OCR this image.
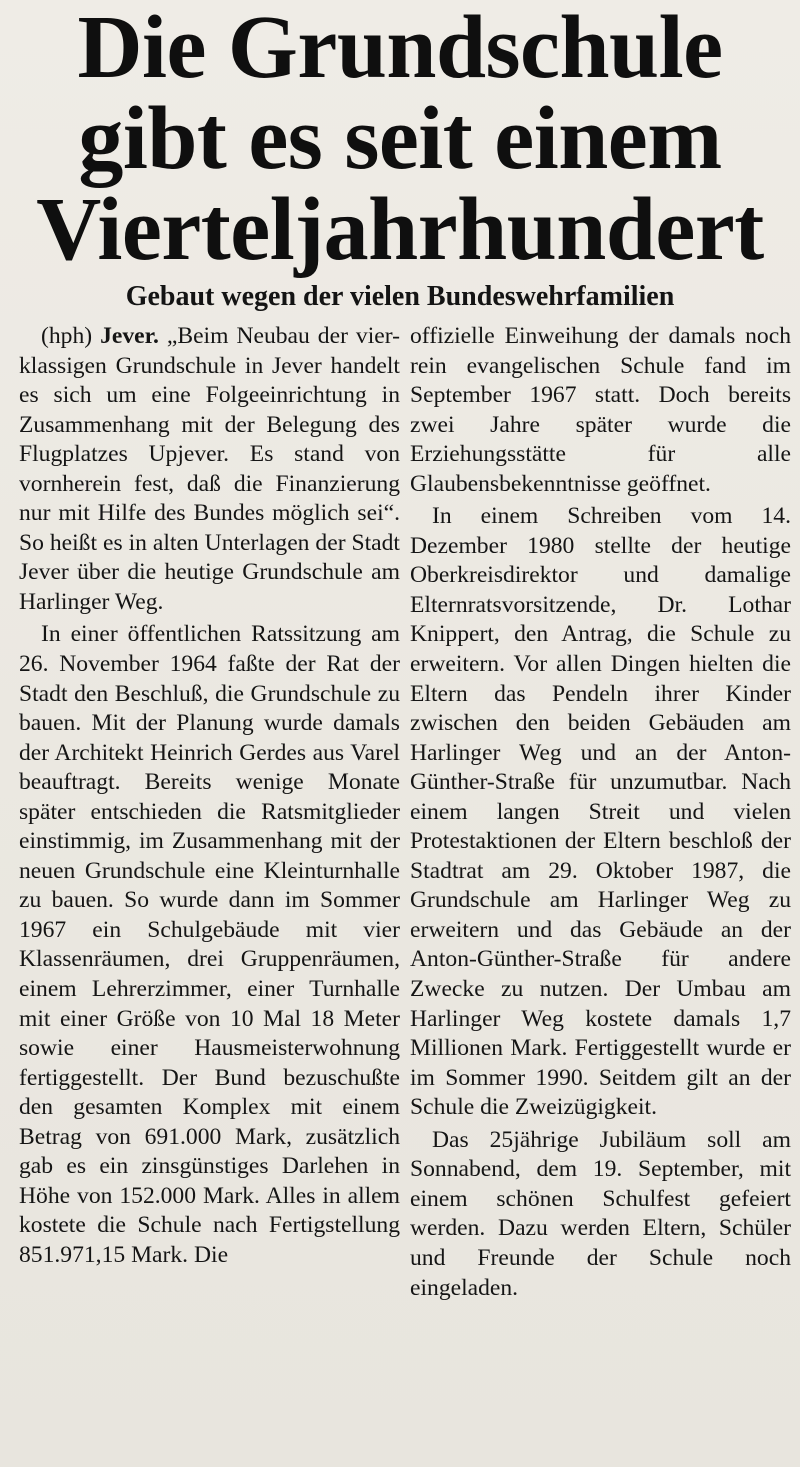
Die Grundschule
gibt es seit einem
Vierteljahrhundert
Gebaut wegen der vielen Bundeswehrfamilien

(hph) Jever. „Beim Neubau der vier-klassigen Grundschule in Jever handelt es sich um eine Folgeeinrichtung in Zusammenhang mit der Belegung des Flugplatzes Upjever. Es stand von vornherein fest, daß die Finanzierung nur mit Hilfe des Bundes möglich sei“. So heißt es in alten Unterlagen der Stadt Jever über die heutige Grundschule am Harlinger Weg.

In einer öffentlichen Ratssitzung am 26. November 1964 faßte der Rat der Stadt den Beschluß, die Grundschule zu bauen. Mit der Planung wurde damals der Architekt Heinrich Gerdes aus Varel beauftragt. Bereits wenige Monate später entschieden die Ratsmitglieder einstimmig, im Zusammenhang mit der neuen Grundschule eine Kleinturnhalle zu bauen. So wurde dann im Sommer 1967 ein Schulgebäude mit vier Klassenräumen, drei Gruppenräumen, einem Lehrerzimmer, einer Turnhalle mit einer Größe von 10 Mal 18 Meter sowie einer Hausmeisterwohnung fertiggestellt. Der Bund bezuschußte den gesamten Komplex mit einem Betrag von 691.000 Mark, zusätzlich gab es ein zinsgünstiges Darlehen in Höhe von 152.000 Mark. Alles in allem kostete die Schule nach Fertigstellung 851.971,15 Mark. Die

offizielle Einweihung der damals noch rein evangelischen Schule fand im September 1967 statt. Doch bereits zwei Jahre später wurde die Erziehungsstätte für alle Glaubensbekenntnisse geöffnet.

In einem Schreiben vom 14. Dezember 1980 stellte der heutige Oberkreisdirektor und damalige Elternratsvorsitzende, Dr. Lothar Knippert, den Antrag, die Schule zu erweitern. Vor allen Dingen hielten die Eltern das Pendeln ihrer Kinder zwischen den beiden Gebäuden am Harlinger Weg und an der Anton-Günther-Straße für unzumutbar. Nach einem langen Streit und vielen Protestaktionen der Eltern beschloß der Stadtrat am 29. Oktober 1987, die Grundschule am Harlinger Weg zu erweitern und das Gebäude an der Anton-Günther-Straße für andere Zwecke zu nutzen. Der Umbau am Harlinger Weg kostete damals 1,7 Millionen Mark. Fertiggestellt wurde er im Sommer 1990. Seitdem gilt an der Schule die Zweizügigkeit.

Das 25jährige Jubiläum soll am Sonnabend, dem 19. September, mit einem schönen Schulfest gefeiert werden. Dazu werden Eltern, Schüler und Freunde der Schule noch eingeladen.
